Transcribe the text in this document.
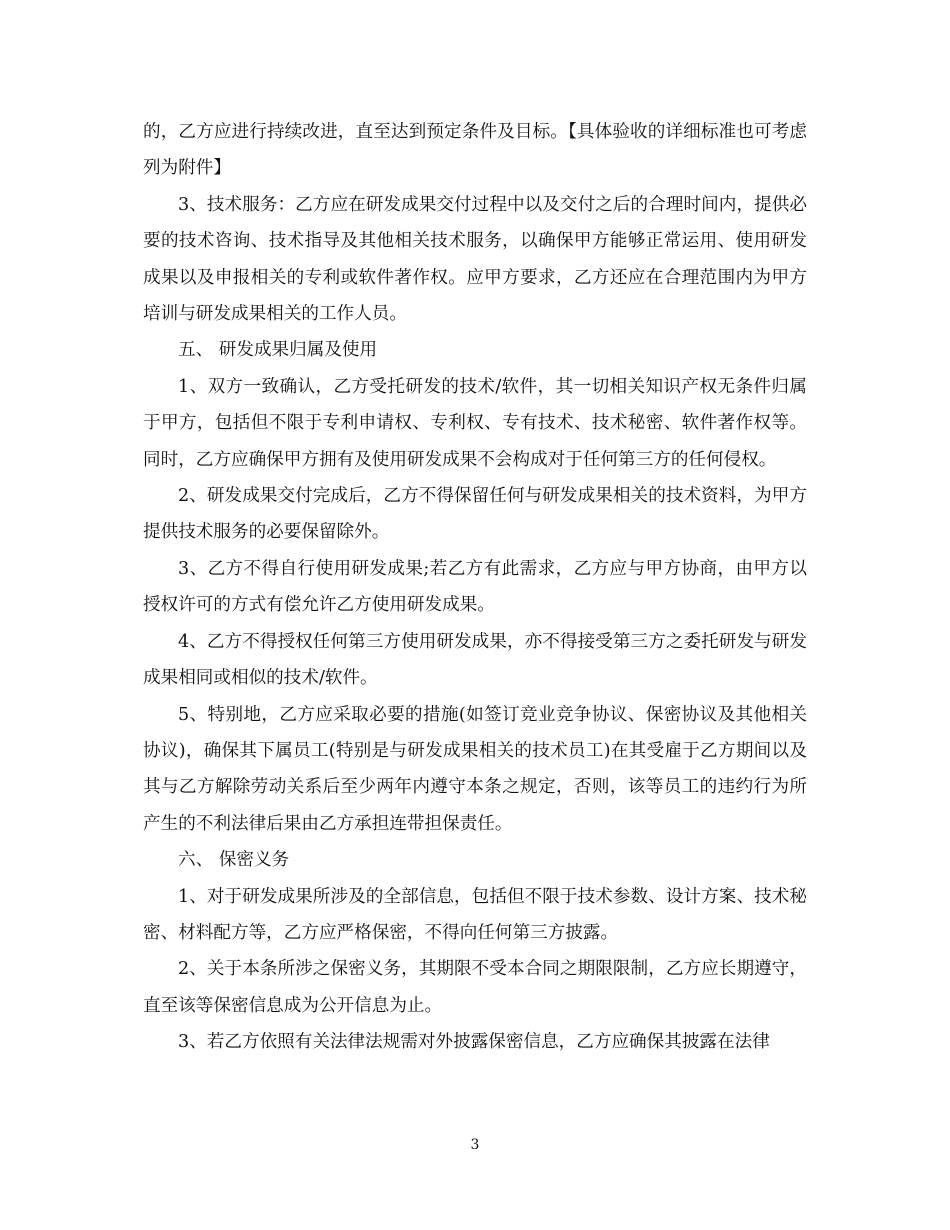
的，乙方应进行持续改进，直至达到预定条件及目标。【具体验收的详细标准也可考虑列为附件】

3、技术服务：乙方应在研发成果交付过程中以及交付之后的合理时间内，提供必要的技术咨询、技术指导及其他相关技术服务，以确保甲方能够正常运用、使用研发成果以及申报相关的专利或软件著作权。应甲方要求，乙方还应在合理范围内为甲方培训与研发成果相关的工作人员。

五、 研发成果归属及使用

1、双方一致确认，乙方受托研发的技术/软件，其一切相关知识产权无条件归属于甲方，包括但不限于专利申请权、专利权、专有技术、技术秘密、软件著作权等。同时，乙方应确保甲方拥有及使用研发成果不会构成对于任何第三方的任何侵权。

2、研发成果交付完成后，乙方不得保留任何与研发成果相关的技术资料，为甲方提供技术服务的必要保留除外。

3、乙方不得自行使用研发成果;若乙方有此需求，乙方应与甲方协商，由甲方以授权许可的方式有偿允许乙方使用研发成果。

4、乙方不得授权任何第三方使用研发成果，亦不得接受第三方之委托研发与研发成果相同或相似的技术/软件。

5、特别地，乙方应采取必要的措施(如签订竞业竞争协议、保密协议及其他相关协议)，确保其下属员工(特别是与研发成果相关的技术员工)在其受雇于乙方期间以及其与乙方解除劳动关系后至少两年内遵守本条之规定，否则，该等员工的违约行为所产生的不利法律后果由乙方承担连带担保责任。

六、 保密义务

1、对于研发成果所涉及的全部信息，包括但不限于技术参数、设计方案、技术秘密、材料配方等，乙方应严格保密，不得向任何第三方披露。

2、关于本条所涉之保密义务，其期限不受本合同之期限限制，乙方应长期遵守，直至该等保密信息成为公开信息为止。

3、若乙方依照有关法律法规需对外披露保密信息，乙方应确保其披露在法律

3
